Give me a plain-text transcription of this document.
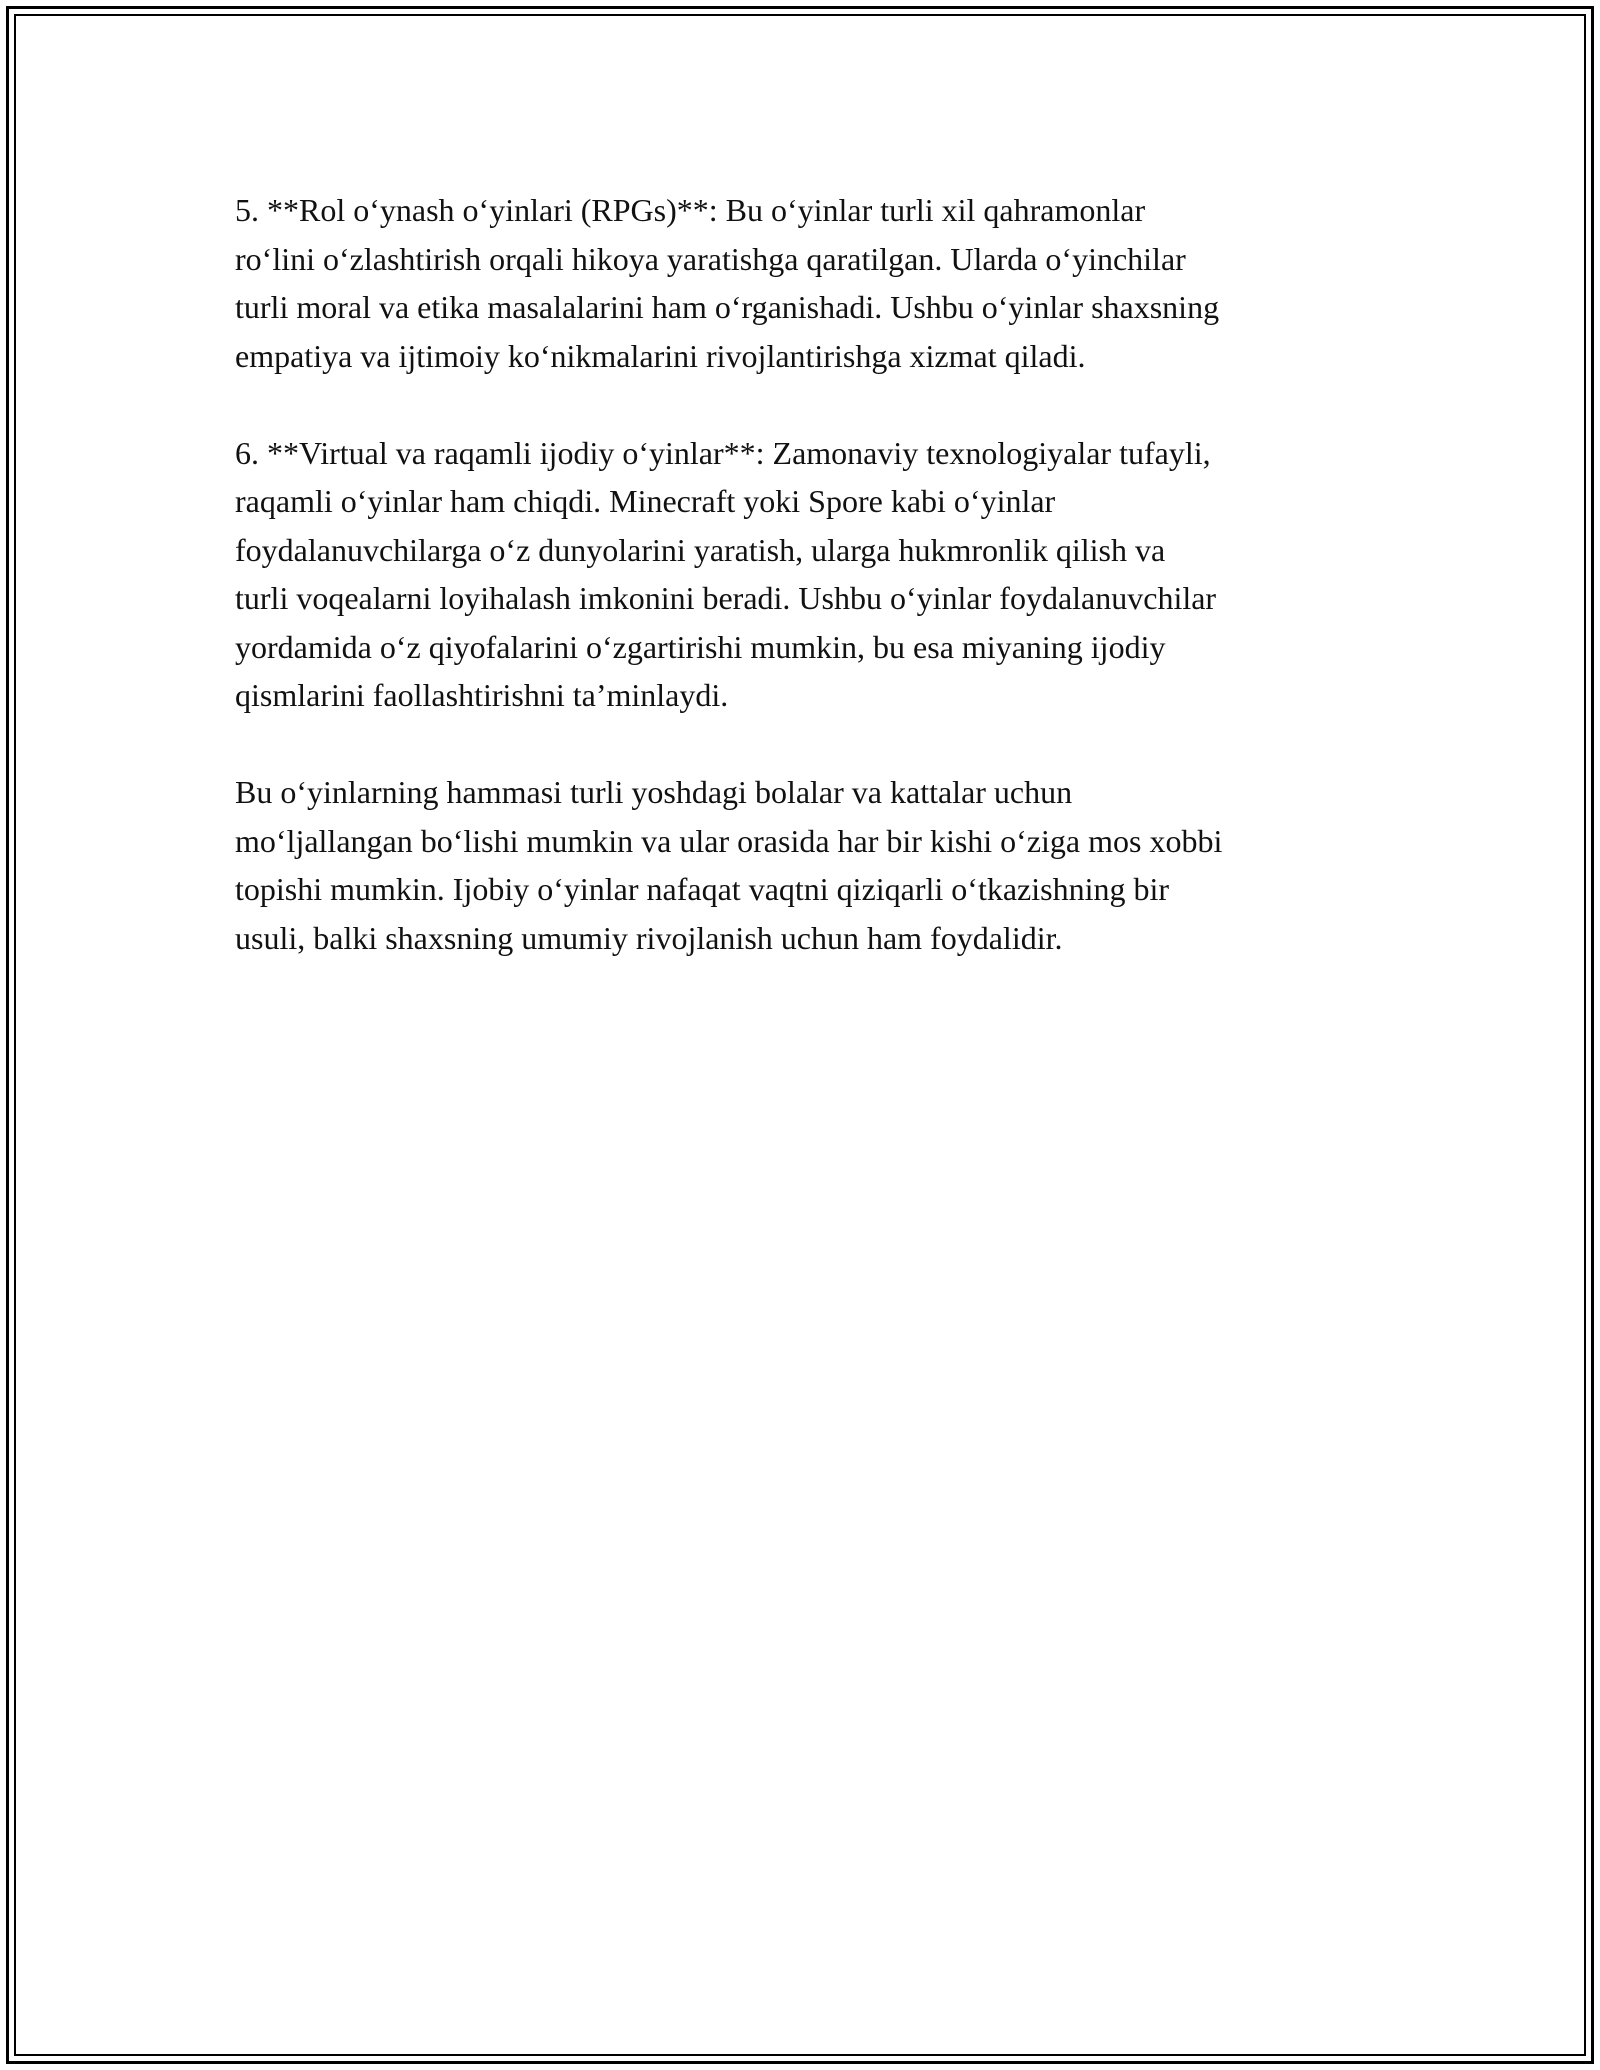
5. **Rol o‘ynash o‘yinlari (RPGs)**: Bu o‘yinlar turli xil qahramonlar
ro‘lini o‘zlashtirish orqali hikoya yaratishga qaratilgan. Ularda o‘yinchilar
turli moral va etika masalalarini ham o‘rganishadi. Ushbu o‘yinlar shaxsning
empatiya va ijtimoiy ko‘nikmalarini rivojlantirishga xizmat qiladi.

6. **Virtual va raqamli ijodiy o‘yinlar**: Zamonaviy texnologiyalar tufayli,
raqamli o‘yinlar ham chiqdi. Minecraft yoki Spore kabi o‘yinlar
foydalanuvchilarga o‘z dunyolarini yaratish, ularga hukmronlik qilish va
turli voqealarni loyihalash imkonini beradi. Ushbu o‘yinlar foydalanuvchilar
yordamida o‘z qiyofalarini o‘zgartirishi mumkin, bu esa miyaning ijodiy
qismlarini faollashtirishni ta’minlaydi.

Bu o‘yinlarning hammasi turli yoshdagi bolalar va kattalar uchun
mo‘ljallangan bo‘lishi mumkin va ular orasida har bir kishi o‘ziga mos xobbi
topishi mumkin. Ijobiy o‘yinlar nafaqat vaqtni qiziqarli o‘tkazishning bir
usuli, balki shaxsning umumiy rivojlanish uchun ham foydalidir.
